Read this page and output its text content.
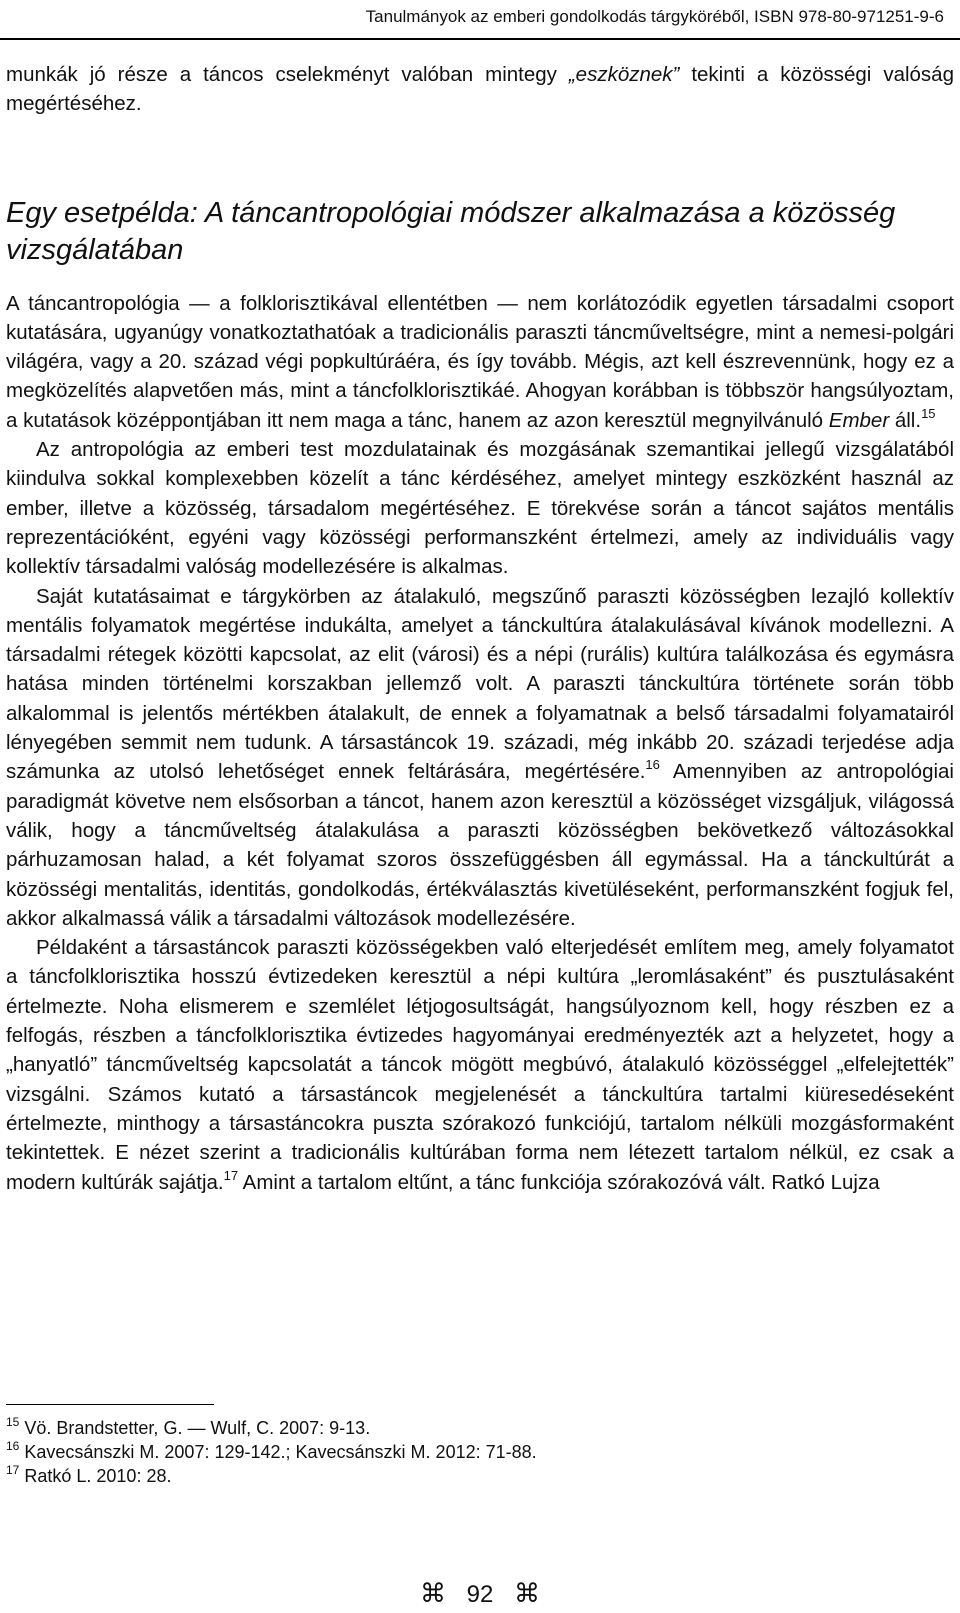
Tanulmányok az emberi gondolkodás tárgyköréből, ISBN 978-80-971251-9-6

munkák jó része a táncos cselekményt valóban mintegy „eszköznek” tekinti a közösségi valóság megértéséhez.

Egy esetpélda: A táncantropológiai módszer alkalmazása a közösség vizsgálatában

A táncantropológia — a folklorisztikával ellentétben — nem korlátozódik egyetlen társadalmi csoport kutatására, ugyanúgy vonatkoztathatóak a tradicionális paraszti táncműveltségre, mint a nemesi-polgári világéra, vagy a 20. század végi popkultúráéra, és így tovább. Mégis, azt kell észrevennünk, hogy ez a megközelítés alapvetően más, mint a táncfolklorisztikáé. Ahogyan korábban is többször hangsúlyoztam, a kutatások középpontjában itt nem maga a tánc, hanem az azon keresztül megnyilvánuló Ember áll.$^{15}$

Az antropológia az emberi test mozdulatainak és mozgásának szemantikai jellegű vizsgálatából kiindulva sokkal komplexebben közelít a tánc kérdéséhez, amelyet mintegy eszközként használ az ember, illetve a közösség, társadalom megértéséhez. E törekvése során a táncot sajátos mentális reprezentációként, egyéni vagy közösségi performanszként értelmezi, amely az individuális vagy kollektív társadalmi valóság modellezésére is alkalmas.

Saját kutatásaimat e tárgykörben az átalakuló, megszűnő paraszti közösségben lezajló kollektív mentális folyamatok megértése indukálta, amelyet a tánckultúra átalakulásával kívánok modellezni. A társadalmi rétegek közötti kapcsolat, az elit (városi) és a népi (rurális) kultúra találkozása és egymásra hatása minden történelmi korszakban jellemző volt. A paraszti tánckultúra története során több alkalommal is jelentős mértékben átalakult, de ennek a folyamatnak a belső társadalmi folyamatairól lényegében semmit nem tudunk. A társastáncok 19. századi, még inkább 20. századi terjedése adja számunka az utolsó lehetőséget ennek feltárására, megértésére.$^{16}$ Amennyiben az antropológiai paradigmát követve nem elsősorban a táncot, hanem azon keresztül a közösséget vizsgáljuk, világossá válik, hogy a táncműveltség átalakulása a paraszti közösségben bekövetkező változásokkal párhuzamosan halad, a két folyamat szoros összefüggésben áll egymással. Ha a tánckultúrát a közösségi mentalitás, identitás, gondolkodás, értékválasztás kivetüléseként, performanszként fogjuk fel, akkor alkalmassá válik a társadalmi változások modellezésére.

Példaként a társastáncok paraszti közösségekben való elterjedését említem meg, amely folyamatot a táncfolklorisztika hosszú évtizedeken keresztül a népi kultúra „leromlásaként” és pusztulásaként értelmezte. Noha elismerem e szemlélet létjogosultságát, hangsúlyoznom kell, hogy részben ez a felfogás, részben a táncfolklorisztika évtizedes hagyományai eredményezték azt a helyzetet, hogy a „hanyatló” táncműveltség kapcsolatát a táncok mögött megbúvó, átalakuló közösséggel „elfelejtették” vizsgálni. Számos kutató a társastáncok megjelenését a tánckultúra tartalmi kiüresedéseként értelmezte, minthogy a társastáncokra puszta szórakozó funkciójú, tartalom nélküli mozgásformaként tekintettek. E nézet szerint a tradicionális kultúrában forma nem létezett tartalom nélkül, ez csak a modern kultúrák sajátja.$^{17}$ Amint a tartalom eltűnt, a tánc funkciója szórakozóvá vált. Ratkó Lujza

$^{15}$ Vö. Brandstetter, G. — Wulf, C. 2007: 9-13.
$^{16}$ Kavecsánszki M. 2007: 129-142.; Kavecsánszki M. 2012: 71-88.
$^{17}$ Ratkó L. 2010: 28.
⌘ 92 ⌘
